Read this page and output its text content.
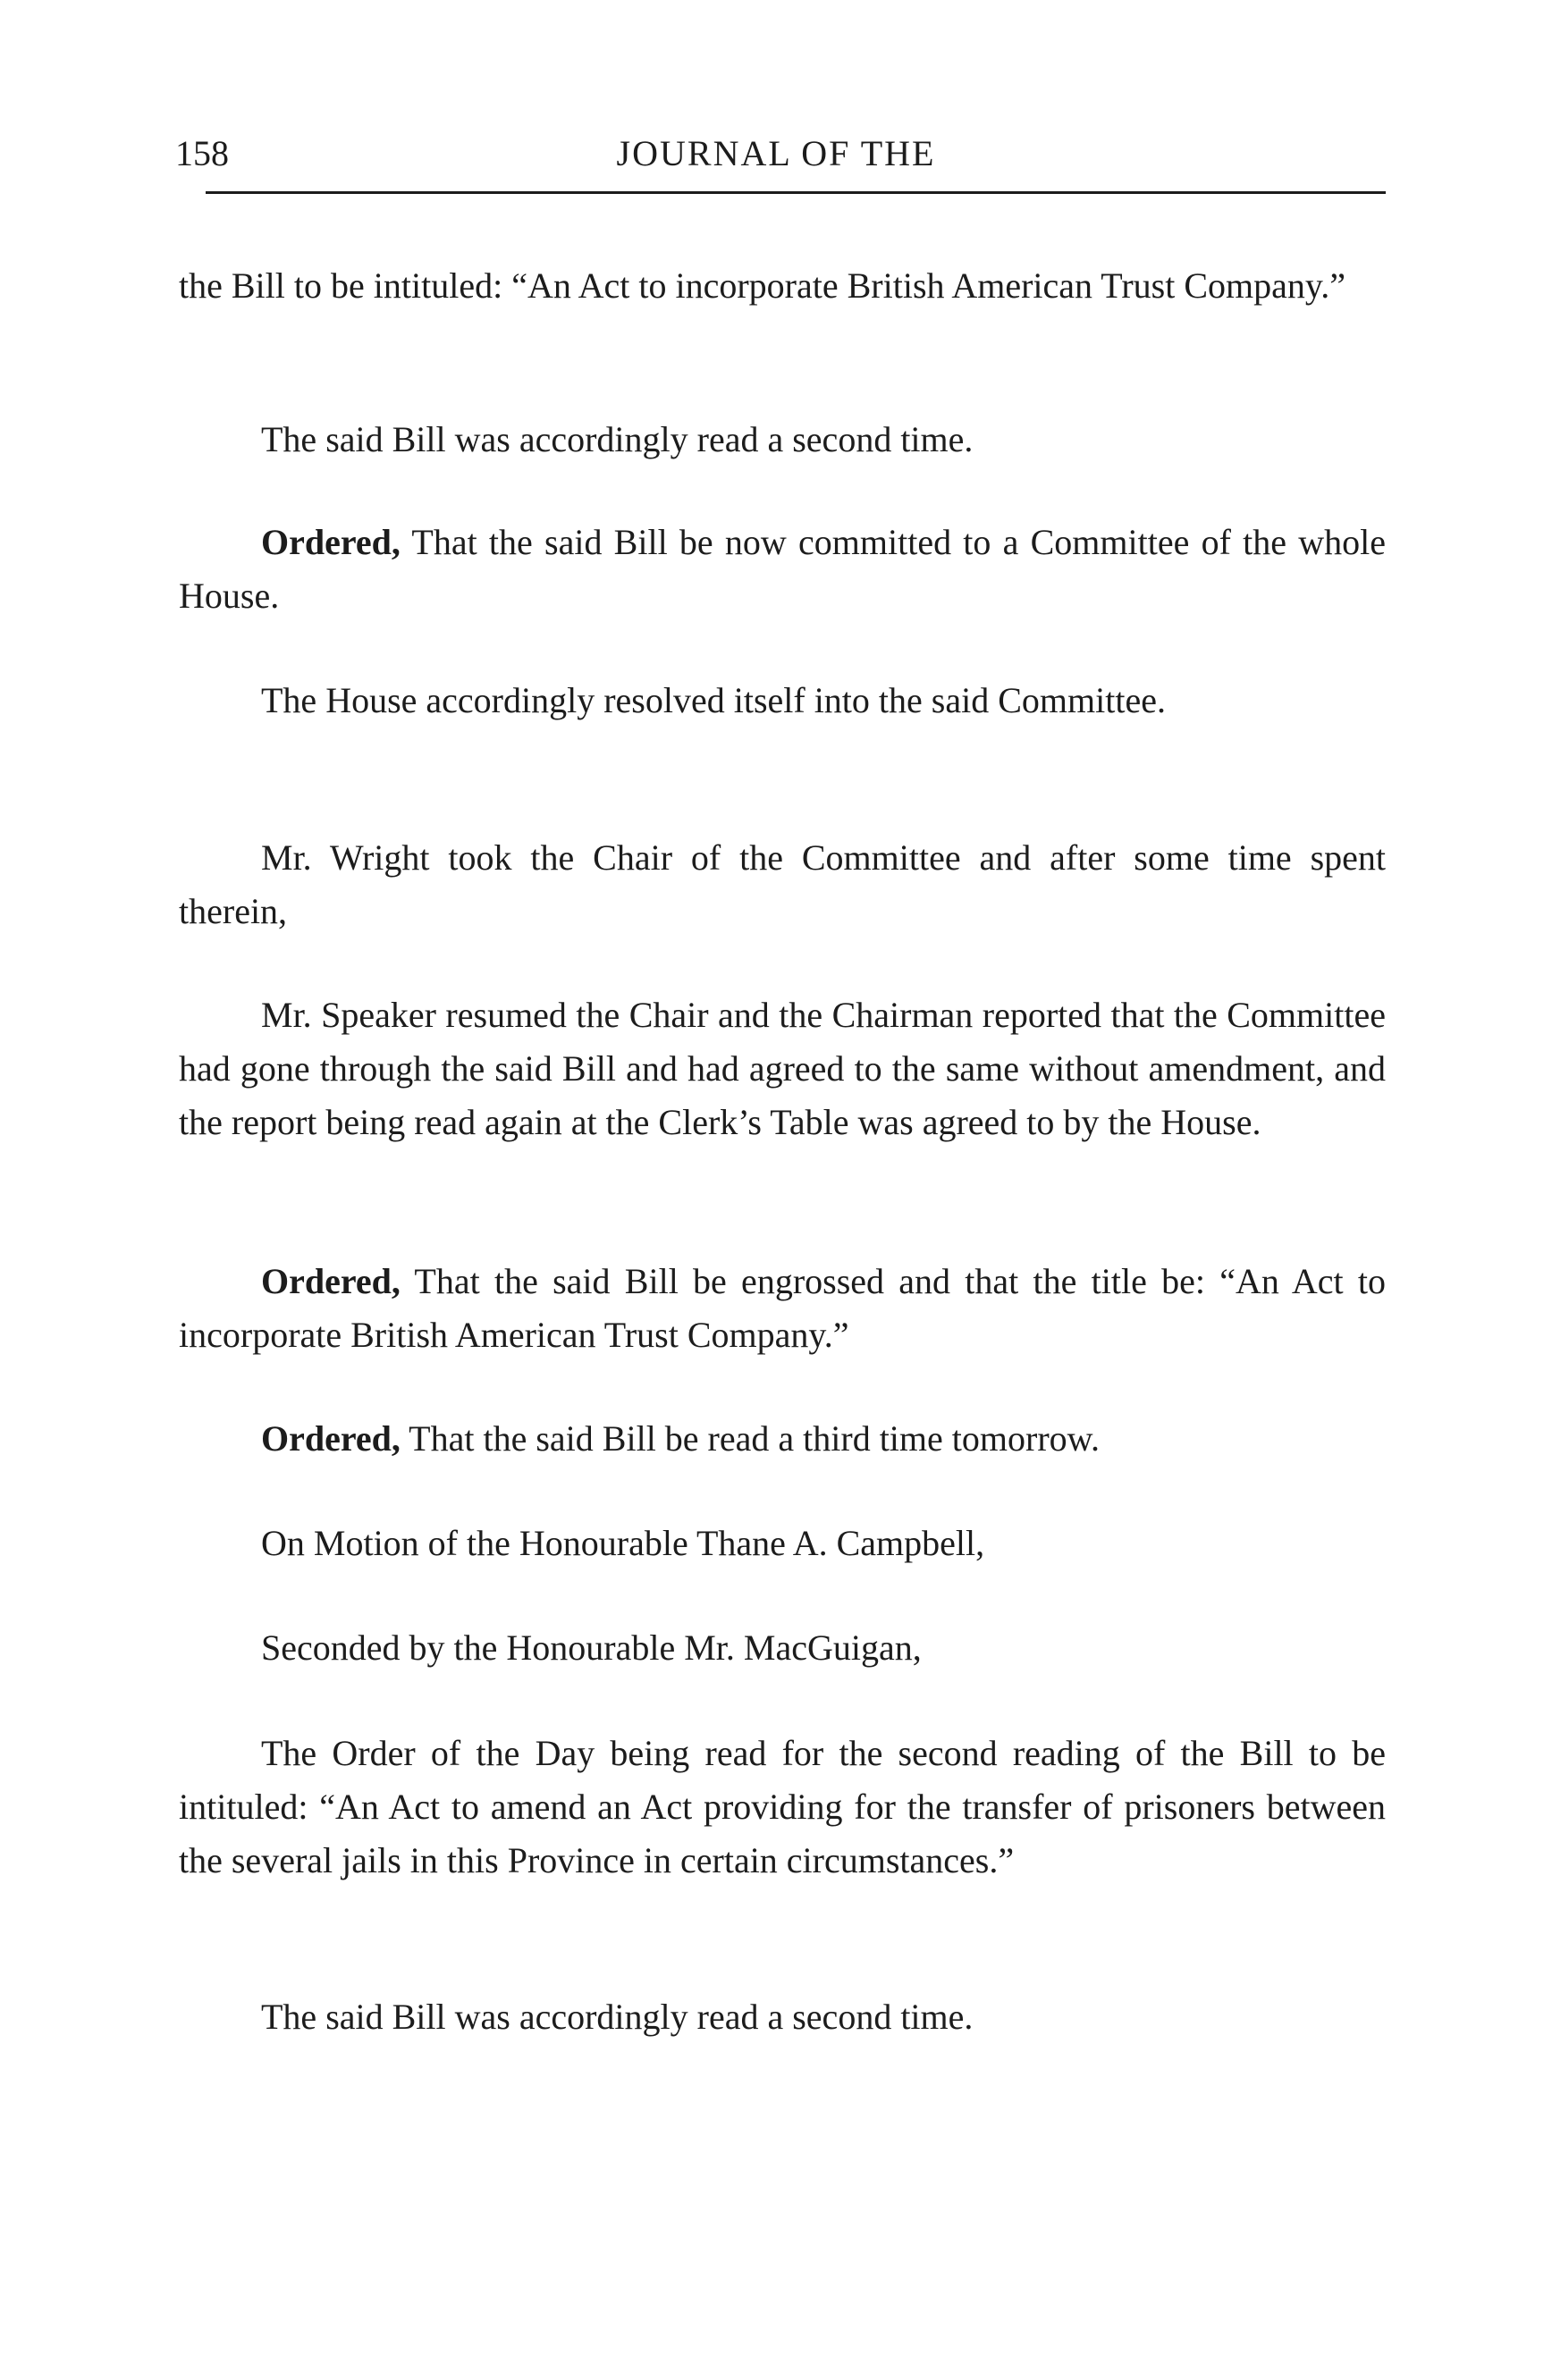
158	JOURNAL OF THE

the Bill to be intituled: “An Act to incorporate British American Trust Company.”

The said Bill was accordingly read a second time.

Ordered, That the said Bill be now committed to a Committee of the whole House.

The House accordingly resolved itself into the said Committee.

Mr. Wright took the Chair of the Committee and after some time spent therein,

Mr. Speaker resumed the Chair and the Chairman reported that the Committee had gone through the said Bill and had agreed to the same without amendment, and the report being read again at the Clerk’s Table was agreed to by the House.

Ordered, That the said Bill be engrossed and that the title be: “An Act to incorporate British American Trust Company.”

Ordered, That the said Bill be read a third time tomorrow.

On Motion of the Honourable Thane A. Campbell,

Seconded by the Honourable Mr. MacGuigan,

The Order of the Day being read for the second reading of the Bill to be intituled: “An Act to amend an Act providing for the transfer of prisoners between the several jails in this Province in certain circumstances.”

The said Bill was accordingly read a second time.
